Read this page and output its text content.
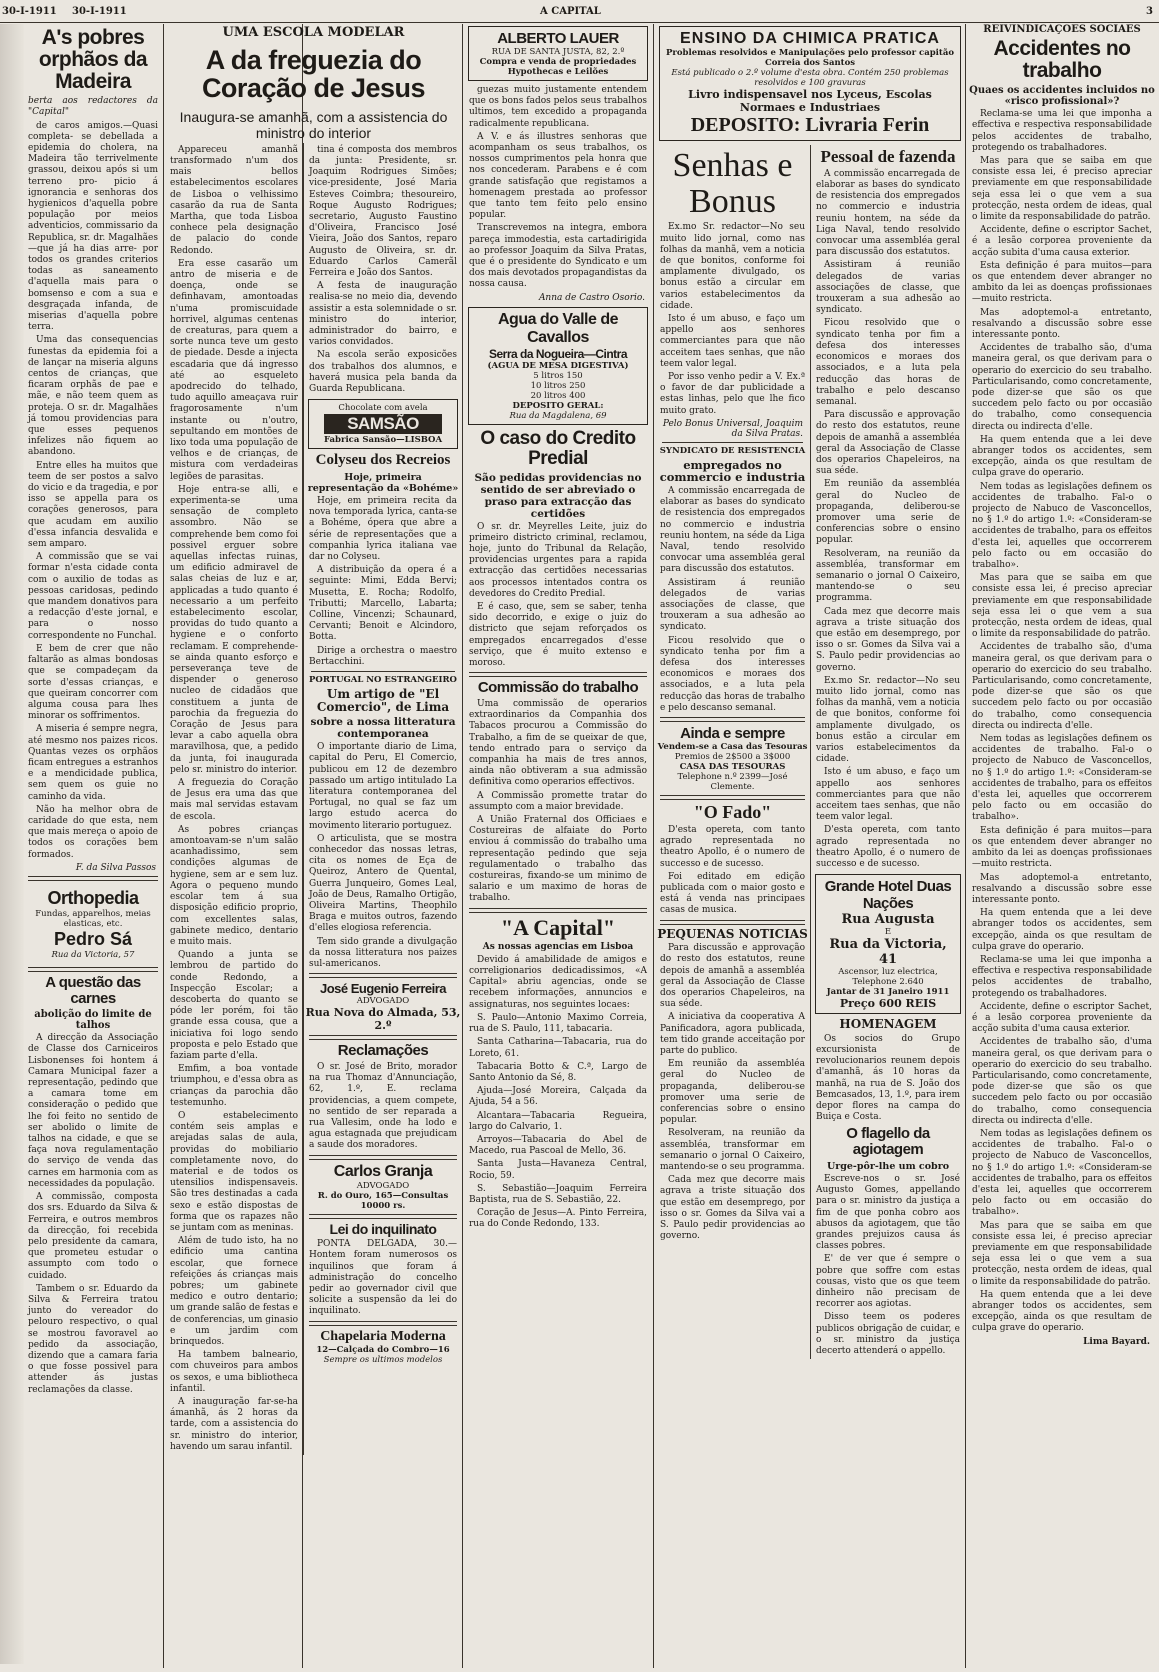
30-I-1911 30-I-1911	A CAPITAL	3
A's pobres orphãos da Madeira

berta aos redactores da "Capital"

de caros amigos.—Quasi completa- se debellada a epidemia do cholera, na Madeira tão terrivelmente grassou, deixou após si um terreno pro- picio á ignorancia e senhoras dos hygienicos d'aquella pobre população por meios adventicios, commissario da Republica, sr. dr. Magalhães—que já ha dias arre- por todos os grandes criterios todas as saneamento d'aquella mais para o bomsenso e com a sua e desgraçada infanda, de miserias d'aquella pobre terra.

Uma das consequencias funestas da epidemia foi a de lançar na miseria alguns centos de crianças, que ficaram orphãs de pae e mãe, e não teem quem as proteja. O sr. dr. Magalhães já tomou providencias para que esses pequenos infelizes não fiquem ao abandono.

Entre elles ha muitos que teem de ser postos a salvo do vicio e da tragedia, e por isso se appella para os corações generosos, para que acudam em auxilio d'essa infancia desvalida e sem amparo.

A commissão que se vai formar n'esta cidade conta com o auxilio de todas as pessoas caridosas, pedindo que mandem donativos para a redacção d'este jornal, e para o nosso correspondente no Funchal.

E bem de crer que não faltarão as almas bondosas que se compadeçam da sorte d'essas crianças, e que queiram concorrer com alguma cousa para lhes minorar os soffrimentos.

A miseria é sempre negra, até mesmo nos paizes ricos. Quantas vezes os orphãos ficam entregues a estranhos e a mendicidade publica, sem quem os guie no caminho da vida.

Não ha melhor obra de caridade do que esta, nem que mais mereça o apoio de todos os corações bem formados.

F. da Silva Passos
Orthopedia
Fundas, apparelhos, meias elasticas, etc.
Pedro Sá
Rua da Victoria, 57
A questão das carnes
abolição do limite de talhos

A direcção da Associação de Classe dos Carniceiros Lisbonenses foi hontem á Camara Municipal fazer a representação, pedindo que a camara tome em consideração o pedido que lhe foi feito no sentido de ser abolido o limite de talhos na cidade, e que se faça nova regulamentação do serviço de venda das carnes em harmonia com as necessidades da população.

A commissão, composta dos srs. Eduardo da Silva & Ferreira, e outros membros da direcção, foi recebida pelo presidente da camara, que prometeu estudar o assumpto com todo o cuidado.

Tambem o sr. Eduardo da Silva & Ferreira tratou junto do vereador do pelouro respectivo, o qual se mostrou favoravel ao pedido da associação, dizendo que a camara faria o que fosse possivel para attender ás justas reclamações da classe.

UMA ESCOLA MODELAR
A da freguezia do Coração de Jesus
Inaugura-se amanhã, com a assistencia do ministro do interior

Appareceu amanhã transformado n'um dos mais bellos estabelecimentos escolares de Lisboa o velhissimo casarão da rua de Santa Martha, que toda Lisboa conhece pela designação de palacio do conde Redondo.

Era esse casarão um antro de miseria e de doença, onde se definhavam, amontoadas n'uma promiscuidade horrivel, algumas centenas de creaturas, para quem a sorte nunca teve um gesto de piedade. Desde a injecta escadaria que dá ingresso até ao esqueleto apodrecido do telhado, tudo aquillo ameaçava ruir fragorosamente n'um instante ou n'outro, sepultando em montões de lixo toda uma população de velhos e de crianças, de mistura com verdadeiras legiões de parasitas.

Hoje entra-se alli, e experimenta-se uma sensação de completo assombro. Não se comprehende bem como foi possivel erguer sobre aquellas infectas ruinas, um edificio admiravel de salas cheias de luz e ar, applicadas a tudo quanto é necessario a um perfeito estabelecimento escolar, providas do tudo quanto a hygiene e o conforto reclamam. E comprehende-se ainda quanto esforço e perseverança teve de dispender o generoso nucleo de cidadãos que constituem a junta de parochia da freguezia do Coração de Jesus para levar a cabo aquella obra maravilhosa, que, a pedido da junta, foi inaugurada pelo sr. ministro do interior.

A freguezia do Coração de Jesus era uma das que mais mal servidas estavam de escola.

As pobres crianças amontoavam-se n'um salão acanhadissimo, sem condições algumas de hygiene, sem ar e sem luz. Agora o pequeno mundo escolar tem á sua disposição edificio proprio, com excellentes salas, gabinete medico, dentario e muito mais.

Quando a junta se lembrou de partido do conde Redondo, a Inspecção Escolar; a descoberta do quanto se póde ler porém, foi tão grande essa cousa, que a iniciativa foi logo sendo proposta e pelo Estado que faziam parte d'ella.

Emfim, a boa vontade triumphou, e d'essa obra as crianças da parochia dão testemunho.

O estabelecimento contém seis amplas e arejadas salas de aula, providas do mobiliario completamente novo, do material e de todos os utensilios indispensaveis. São tres destinadas a cada sexo e estão dispostas de forma que os rapazes não se juntam com as meninas.

Além de tudo isto, ha no edificio uma cantina escolar, que fornece refeições ás crianças mais pobres; um gabinete medico e outro dentario; um grande salão de festas e de conferencias, um ginasio e um jardim com brinquedos.

Ha tambem balneario, com chuveiros para ambos os sexos, e uma bibliotheca infantil.

A inauguração far-se-ha ámanhã, ás 2 horas da tarde, com a assistencia do sr. ministro do interior, havendo um sarau infantil.

tina é composta dos membros da junta: Presidente, sr. Joaquim Rodrigues Simões; vice-presidente, José Maria Esteves Coimbra; thesoureiro, Roque Augusto Rodrigues; secretario, Augusto Faustino d'Oliveira, Francisco José Vieira, João dos Santos, reparo Augusto de Oliveira, sr. dr. Eduardo Carlos Camerãl Ferreira e João dos Santos.

A festa de inauguração realisa-se no meio dia, devendo assistir a esta solemnidade o sr. ministro do interior, administrador do bairro, e varios convidados.

Na escola serão exposicões dos trabalhos dos alumnos, e haverá musica pela banda da Guarda Republicana.

Chocolate com avela
SAMSÃO
Fabrica Sansão—LISBOA
Colyseu dos Recreios
Hoje, primeira representação da «Bohéme»

Hoje, em primeira recita da nova temporada lyrica, canta-se a Bohéme, ópera que abre a série de representações que a companhia lyrica italiana vae dar no Colyseu.

A distribuição da opera é a seguinte: Mimi, Edda Bervi; Musetta, E. Rocha; Rodolfo, Tributti; Marcello, Labarta; Colline, Vincenzi; Schaunard, Cervanti; Benoit e Alcindoro, Botta.

Dirige a orchestra o maestro Bertacchini.

PORTUGAL NO ESTRANGEIRO
Um artigo de "El Comercio", de Lima
sobre a nossa litteratura contemporanea

O importante diario de Lima, capital do Peru, El Comercio, publicou em 12 de dezembro passado um artigo intitulado La literatura contemporanea del Portugal, no qual se faz um largo estudo acerca do movimento literario portuguez.

O articulista, que se mostra conhecedor das nossas letras, cita os nomes de Eça de Queiroz, Antero de Quental, Guerra Junqueiro, Gomes Leal, João de Deus, Ramalho Ortigão, Oliveira Martins, Theophilo Braga e muitos outros, fazendo d'elles elogiosa referencia.

Tem sido grande a divulgação da nossa litteratura nos paizes sul-americanos.

José Eugenio Ferreira
ADVOGADO
Rua Nova do Almada, 53, 2.º
Reclamações

O sr. José de Brito, morador na rua Thomaz d'Annunciação, 62, 1.º, E. reclama providencias, a quem compete, no sentido de ser reparada a rua Vallesim, onde ha lodo e agua estagnada que prejudicam a saude dos moradores.

Carlos Granja
ADVOGADO
R. do Ouro, 165—Consultas 10000 rs.
Lei do inquilinato

PONTA DELGADA, 30.—Hontem foram numerosos os inquilinos que foram á administração do concelho pedir ao governador civil que solicite a suspensão da lei do inquilinato.

Chapelaria Moderna
12—Calçada do Combro—16
Sempre os ultimos modelos
ALBERTO LAUER
RUA DE SANTA JUSTA, 82, 2.º
Compra e venda de propriedades
Hypothecas e Leilões

guezas muito justamente entendem que os bons fados pelos seus trabalhos ultimos, tem excedido a propaganda radicalmente republicana.

A V. e ás illustres senhoras que acompanham os seus trabalhos, os nossos cumprimentos pela honra que nos concederam. Parabens e é com grande satisfação que registamos a homenagem prestada ao professor que tanto tem feito pelo ensino popular.

Transcrevemos na integra, embora pareça immodestia, esta cartadirigida ao professor Joaquim da Silva Pratas, que é o presidente do Syndicato e um dos mais devotados propagandistas da nossa causa.

Anna de Castro Osorio.
Agua do Valle de Cavallos
Serra da Nogueira—Cintra
(AGUA DE MESA DIGESTIVA)
5 litros 150
10 litros 250
20 litros 400
DEPOSITO GERAL:
Rua da Magdalena, 69
O caso do Credito Predial
São pedidas providencias no sentido de ser abreviado o praso para extracção das certidões

O sr. dr. Meyrelles Leite, juiz do primeiro districto criminal, reclamou, hoje, junto do Tribunal da Relação, providencias urgentes para a rapida extracção das certidões necessarias aos processos intentados contra os devedores do Credito Predial.

E é caso, que, sem se saber, tenha sido decorrido, e exige o juiz do districto que sejam reforçados os empregados encarregados d'esse serviço, que é muito extenso e moroso.

Commissão do trabalho

Uma commissão de operarios extraordinarios da Companhia dos Tabacos procurou a Commissão do Trabalho, a fim de se queixar de que, tendo entrado para o serviço da companhia ha mais de tres annos, ainda não obtiveram a sua admissão definitiva como operarios effectivos.

A Commissão promette tratar do assumpto com a maior brevidade.

A União Fraternal dos Officiaes e Costureiras de alfaiate do Porto enviou á commissão do trabalho uma representação pedindo que seja regulamentado o trabalho das costureiras, fixando-se um minimo de salario e um maximo de horas de trabalho.

"A Capital"

As nossas agencias em Lisboa

Devido á amabilidade de amigos e correligionarios dedicadissimos, «A Capital» abriu agencias, onde se recebem informações, annuncios e assignaturas, nos seguintes locaes:

S. Paulo—Antonio Maximo Correia, rua de S. Paulo, 111, tabacaria.

Santa Catharina—Tabacaria, rua do Loreto, 61.

Tabacaria Botto & C.ª, Largo de Santo Antonio da Sé, 8.

Ajuda—José Moreira, Calçada da Ajuda, 54 a 56.

Alcantara—Tabacaria Regueira, largo do Calvario, 1.

Arroyos—Tabacaria do Abel de Macedo, rua Pascoal de Mello, 36.

Santa Justa—Havaneza Central, Rocio, 59.

S. Sebastião—Joaquim Ferreira Baptista, rua de S. Sebastião, 22.

Coração de Jesus—A. Pinto Ferreira, rua do Conde Redondo, 133.

ENSINO DA CHIMICA PRATICA
Problemas resolvidos e Manipulações pelo professor capitão Correia dos Santos
Está publicado o 2.º volume d'esta obra. Contém 250 problemas resolvidos e 100 gravuras
Livro indispensavel nos Lyceus, Escolas Normaes e Industriaes
DEPOSITO: Livraria Ferin
Senhas e Bonus

Ex.mo Sr. redactor—No seu muito lido jornal, como nas folhas da manhã, vem a noticia de que bonitos, conforme foi amplamente divulgado, os bonus estão a circular em varios estabelecimentos da cidade.

Isto é um abuso, e faço um appello aos senhores commerciantes para que não acceitem taes senhas, que não teem valor legal.

Por isso venho pedir a V. Ex.ª o favor de dar publicidade a estas linhas, pelo que lhe fico muito grato.

Pelo Bonus Universal, Joaquim da Silva Pratas.
SYNDICATO DE RESISTENCIA
empregados no commercio e industria

A commissão encarregada de elaborar as bases do syndicato de resistencia dos empregados no commercio e industria reuniu hontem, na séde da Liga Naval, tendo resolvido convocar uma assembléa geral para discussão dos estatutos.

Assistiram á reunião delegados de varias associações de classe, que trouxeram a sua adhesão ao syndicato.

Ficou resolvido que o syndicato tenha por fim a defesa dos interesses economicos e moraes dos associados, e a luta pela reducção das horas de trabalho e pelo descanso semanal.

Ainda e sempre
Vendem-se a Casa das Tesouras
Premios de 2$500 a 3$000
CASA DAS TESOURAS
Telephone n.º 2399—José Clemente.
"O Fado"

D'esta opereta, com tanto agrado representada no theatro Apollo, é o numero de successo e de sucesso.

Foi editado em edição publicada com o maior gosto e está á venda nas principaes casas de musica.

PEQUENAS NOTICIAS

Para discussão e approvação do resto dos estatutos, reune depois de amanhã a assembléa geral da Associação de Classe dos operarios Chapeleiros, na sua séde.

A iniciativa da cooperativa A Panificadora, agora publicada, tem tido grande acceitação por parte do publico.

Em reunião da assembléa geral do Nucleo de propaganda, deliberou-se promover uma serie de conferencias sobre o ensino popular.

Resolveram, na reunião da assembléa, transformar em semanario o jornal O Caixeiro, mantendo-se o seu programma.

Cada mez que decorre mais agrava a triste situação dos que estão em desemprego, por isso o sr. Gomes da Silva vai a S. Paulo pedir providencias ao governo.

Pessoal de fazenda

A commissão encarregada de elaborar as bases do syndicato de resistencia dos empregados no commercio e industria reuniu hontem, na séde da Liga Naval, tendo resolvido convocar uma assembléa geral para discussão dos estatutos.

Assistiram á reunião delegados de varias associações de classe, que trouxeram a sua adhesão ao syndicato.

Ficou resolvido que o syndicato tenha por fim a defesa dos interesses economicos e moraes dos associados, e a luta pela reducção das horas de trabalho e pelo descanso semanal.

Para discussão e approvação do resto dos estatutos, reune depois de amanhã a assembléa geral da Associação de Classe dos operarios Chapeleiros, na sua séde.

Em reunião da assembléa geral do Nucleo de propaganda, deliberou-se promover uma serie de conferencias sobre o ensino popular.

Resolveram, na reunião da assembléa, transformar em semanario o jornal O Caixeiro, mantendo-se o seu programma.

Cada mez que decorre mais agrava a triste situação dos que estão em desemprego, por isso o sr. Gomes da Silva vai a S. Paulo pedir providencias ao governo.

Ex.mo Sr. redactor—No seu muito lido jornal, como nas folhas da manhã, vem a noticia de que bonitos, conforme foi amplamente divulgado, os bonus estão a circular em varios estabelecimentos da cidade.

Isto é um abuso, e faço um appello aos senhores commerciantes para que não acceitem taes senhas, que não teem valor legal.

D'esta opereta, com tanto agrado representada no theatro Apollo, é o numero de successo e de sucesso.

Grande Hotel Duas Nações
Rua Augusta
E
Rua da Victoria, 41
Ascensor, luz electrica, Telephone 2.640
Jantar de 31 Janeiro 1911
Preço 600 REIS
HOMENAGEM

Os socios do Grupo excursionista de revolucionarios reunem depois d'amanhã, ás 10 horas da manhã, na rua de S. João dos Bemcasados, 13, 1.º, para irem depor flores na campa do Buiça e Costa.

O flagello da agiotagem
Urge-pôr-lhe um cobro

Escreve-nos o sr. José Augusto Gomes, appellando para o sr. ministro da justiça a fim de que ponha cobro aos abusos da agiotagem, que tão grandes prejuizos causa ás classes pobres.

E' de ver que é sempre o pobre que soffre com estas cousas, visto que os que teem dinheiro não precisam de recorrer aos agiotas.

Disso teem os poderes publicos obrigação de cuidar, e o sr. ministro da justiça decerto attenderá o appello.

REIVINDICAÇÕES SOCIAES
Accidentes no trabalho
Quaes os accidentes incluidos no «risco profissional»?

Reclama-se uma lei que imponha a effectiva e respectiva responsabilidade pelos accidentes de trabalho, protegendo os trabalhadores.

Mas para que se saiba em que consiste essa lei, é preciso apreciar previamente em que responsabilidade seja essa lei o que vem a sua protecção, nesta ordem de ideas, qual o limite da responsabilidade do patrão.

Accidente, define o escriptor Sachet, é a lesão corporea proveniente da acção subita d'uma causa exterior.

Esta definição é para muitos—para os que entendem dever abranger no ambito da lei as doenças profissionaes—muito restricta.

Mas adoptemol-a entretanto, resalvando a discussão sobre esse interessante ponto.

Accidentes de trabalho são, d'uma maneira geral, os que derivam para o operario do exercicio do seu trabalho. Particularisando, como concretamente, pode dizer-se que são os que succedem pelo facto ou por occasião do trabalho, como consequencia directa ou indirecta d'elle.

Ha quem entenda que a lei deve abranger todos os accidentes, sem excepção, ainda os que resultam de culpa grave do operario.

Nem todas as legislações definem os accidentes de trabalho. Fal-o o projecto de Nabuco de Vasconcellos, no § 1.º do artigo 1.º: «Consideram-se accidentes de trabalho, para os effeitos d'esta lei, aquelles que occorrerem pelo facto ou em occasião do trabalho».

Mas para que se saiba em que consiste essa lei, é preciso apreciar previamente em que responsabilidade seja essa lei o que vem a sua protecção, nesta ordem de ideas, qual o limite da responsabilidade do patrão.

Accidentes de trabalho são, d'uma maneira geral, os que derivam para o operario do exercicio do seu trabalho. Particularisando, como concretamente, pode dizer-se que são os que succedem pelo facto ou por occasião do trabalho, como consequencia directa ou indirecta d'elle.

Nem todas as legislações definem os accidentes de trabalho. Fal-o o projecto de Nabuco de Vasconcellos, no § 1.º do artigo 1.º: «Consideram-se accidentes de trabalho, para os effeitos d'esta lei, aquelles que occorrerem pelo facto ou em occasião do trabalho».

Esta definição é para muitos—para os que entendem dever abranger no ambito da lei as doenças profissionaes—muito restricta.

Mas adoptemol-a entretanto, resalvando a discussão sobre esse interessante ponto.

Ha quem entenda que a lei deve abranger todos os accidentes, sem excepção, ainda os que resultam de culpa grave do operario.

Reclama-se uma lei que imponha a effectiva e respectiva responsabilidade pelos accidentes de trabalho, protegendo os trabalhadores.

Accidente, define o escriptor Sachet, é a lesão corporea proveniente da acção subita d'uma causa exterior.

Accidentes de trabalho são, d'uma maneira geral, os que derivam para o operario do exercicio do seu trabalho. Particularisando, como concretamente, pode dizer-se que são os que succedem pelo facto ou por occasião do trabalho, como consequencia directa ou indirecta d'elle.

Nem todas as legislações definem os accidentes de trabalho. Fal-o o projecto de Nabuco de Vasconcellos, no § 1.º do artigo 1.º: «Consideram-se accidentes de trabalho, para os effeitos d'esta lei, aquelles que occorrerem pelo facto ou em occasião do trabalho».

Mas para que se saiba em que consiste essa lei, é preciso apreciar previamente em que responsabilidade seja essa lei o que vem a sua protecção, nesta ordem de ideas, qual o limite da responsabilidade do patrão.

Ha quem entenda que a lei deve abranger todos os accidentes, sem excepção, ainda os que resultam de culpa grave do operario.

Lima Bayard.
